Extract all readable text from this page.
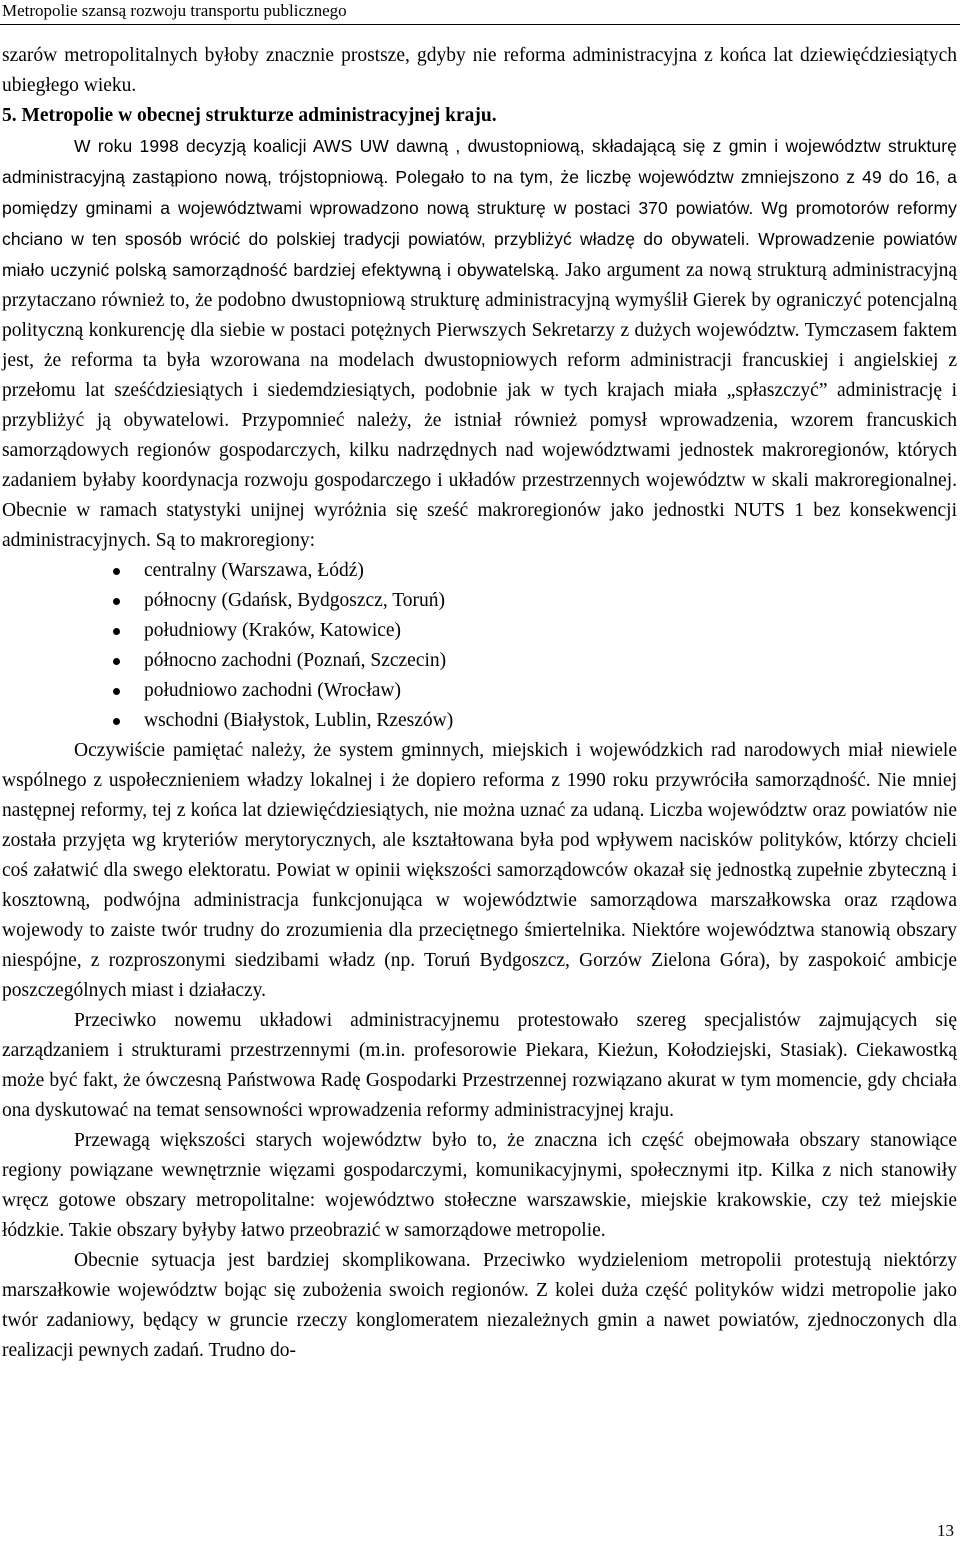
Metropolie szansą rozwoju transportu publicznego

szarów metropolitalnych byłoby znacznie prostsze, gdyby nie reforma administracyjna z końca lat dziewięćdziesiątych ubiegłego wieku.

5. Metropolie w obecnej strukturze administracyjnej kraju.

W roku 1998 decyzją koalicji AWS UW dawną , dwustopniową, składającą się z gmin i województw strukturę administracyjną zastąpiono nową, trójstopniową. Polegało to na tym, że liczbę województw zmniejszono z 49 do 16, a pomiędzy gminami a województwami wprowadzono nową strukturę w postaci 370 powiatów. Wg promotorów reformy chciano w ten sposób wrócić do polskiej tradycji powiatów, przybliżyć władzę do obywateli. Wprowadzenie powiatów miało uczynić polską samorządność bardziej efektywną i obywatelską. Jako argument za nową strukturą administracyjną przytaczano również to, że podobno dwustopniową strukturę administracyjną wymyślił Gierek by ograniczyć potencjalną polityczną konkurencję dla siebie w postaci potężnych Pierwszych Sekretarzy z dużych województw. Tymczasem faktem jest, że reforma ta była wzorowana na modelach dwustopniowych reform administracji francuskiej i angielskiej z przełomu lat sześćdziesiątych i siedemdziesiątych, podobnie jak w tych krajach miała „spłaszczyć” administrację i przybliżyć ją obywatelowi. Przypomnieć należy, że istniał również pomysł wprowadzenia, wzorem francuskich samorządowych regionów gospodarczych, kilku nadrzędnych nad województwami jednostek makroregionów, których zadaniem byłaby koordynacja rozwoju gospodarczego i układów przestrzennych województw w skali makroregionalnej. Obecnie w ramach statystyki unijnej wyróżnia się sześć makroregionów jako jednostki NUTS 1 bez konsekwencji administracyjnych. Są to makroregiony:

centralny (Warszawa, Łódź)
północny (Gdańsk, Bydgoszcz, Toruń)
południowy (Kraków, Katowice)
północno zachodni (Poznań, Szczecin)
południowo zachodni (Wrocław)
wschodni (Białystok, Lublin, Rzeszów)

Oczywiście pamiętać należy, że system gminnych, miejskich i wojewódzkich rad narodowych miał niewiele wspólnego z uspołecznieniem władzy lokalnej i że dopiero reforma z 1990 roku przywróciła samorządność. Nie mniej następnej reformy, tej z końca lat dziewięćdziesiątych, nie można uznać za udaną. Liczba województw oraz powiatów nie została przyjęta wg kryteriów merytorycznych, ale kształtowana była pod wpływem nacisków polityków, którzy chcieli coś załatwić dla swego elektoratu. Powiat w opinii większości samorządowców okazał się jednostką zupełnie zbyteczną i kosztowną, podwójna administracja funkcjonująca w województwie samorządowa marszałkowska oraz rządowa wojewody to zaiste twór trudny do zrozumienia dla przeciętnego śmiertelnika. Niektóre województwa stanowią obszary niespójne, z rozproszonymi siedzibami władz (np. Toruń Bydgoszcz, Gorzów Zielona Góra), by zaspokoić ambicje poszczególnych miast i działaczy.

Przeciwko nowemu układowi administracyjnemu protestowało szereg specjalistów zajmujących się zarządzaniem i strukturami przestrzennymi (m.in. profesorowie Piekara, Kieżun, Kołodziejski, Stasiak). Ciekawostką może być fakt, że ówczesną Państwowa Radę Gospodarki Przestrzennej rozwiązano akurat w tym momencie, gdy chciała ona dyskutować na temat sensowności wprowadzenia reformy administracyjnej kraju.

Przewagą większości starych województw było to, że znaczna ich część obejmowała obszary stanowiące regiony powiązane wewnętrznie więzami gospodarczymi, komunikacyjnymi, społecznymi itp. Kilka z nich stanowiły wręcz gotowe obszary metropolitalne: województwo stołeczne warszawskie, miejskie krakowskie, czy też miejskie łódzkie. Takie obszary byłyby łatwo przeobrazić w samorządowe metropolie.

Obecnie sytuacja jest bardziej skomplikowana. Przeciwko wydzieleniom metropolii protestują niektórzy marszałkowie województw bojąc się zubożenia swoich regionów. Z kolei duża część polityków widzi metropolie jako twór zadaniowy, będący w gruncie rzeczy konglomeratem niezależnych gmin a nawet powiatów, zjednoczonych dla realizacji pewnych zadań. Trudno do-

13
